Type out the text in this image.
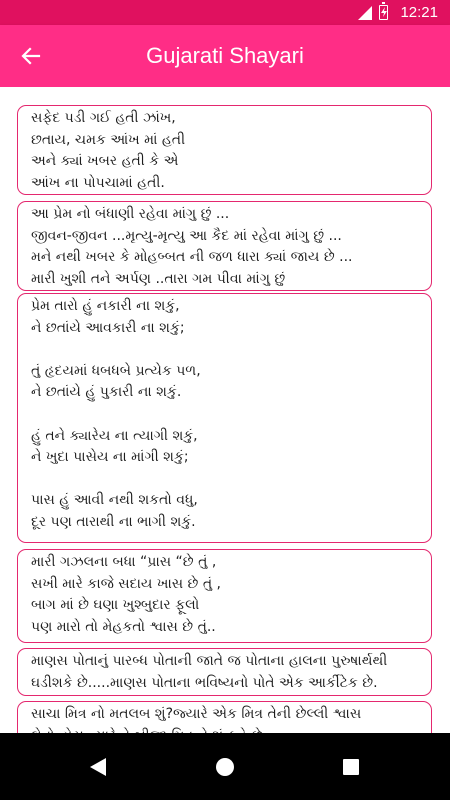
12:21
Gujarati Shayari
સફેદ પડી ગઈ હતી ઝાંખ,
છતાય, ચમક આંખ માં હતી
અને ક્યાં ખબર હતી કે એ
આંખ ના પોપચામાં હતી.
આ પ્રેમ નો બંધાણી રહેવા માંગુ છું ...
જીવન-જીવન ...મૃત્યુ-મૃત્યુ આ કૈદ માં રહેવા માંગુ છું ...
મને નથી ખબર કે મોહબ્બત ની જળ ધારા ક્યાં જાય છે ...
મારી ખુશી તને અર્પણ ..તારા ગમ પીવા માંગુ છું
પ્રેમ તારો હું નકારી ના શકું,
ને છતાંયે આવકારી ના શકું;

તું હૃદયમાં ધબધબે પ્રત્યેક પળ,
ને છતાંયે હું પુકારી ના શકું.

હું તને ક્યારેય ના ત્યાગી શકું,
ને ખુદા પાસેય ના માંગી શકું;

પાસ હું આવી નથી શકતો વધુ,
દૂર પણ તારાથી ના ભાગી શકું.
મારી ગઝલના બધા “પ્રાસ “છે તું ,
સખી મારે કાજે સદાય ખાસ છે તું ,
બાગ માં છે ઘણા ખુશ્બુદાર ફૂલો
પણ મારો તો મેહકતો શ્વાસ છે તું..
માણસ પોતાનું પારબ્ધ પોતાની જાતે જ પોતાના હાલના પુરુષાર્થથી
ઘડીશકે છે.....માણસ પોતાના ભવિષ્યનો પોતે એક આર્કીટેક છે.
સાચા મિત્ર નો મતલબ શું?જ્યારે એક મિત્ર તેની છેલ્લી શ્વાસ
